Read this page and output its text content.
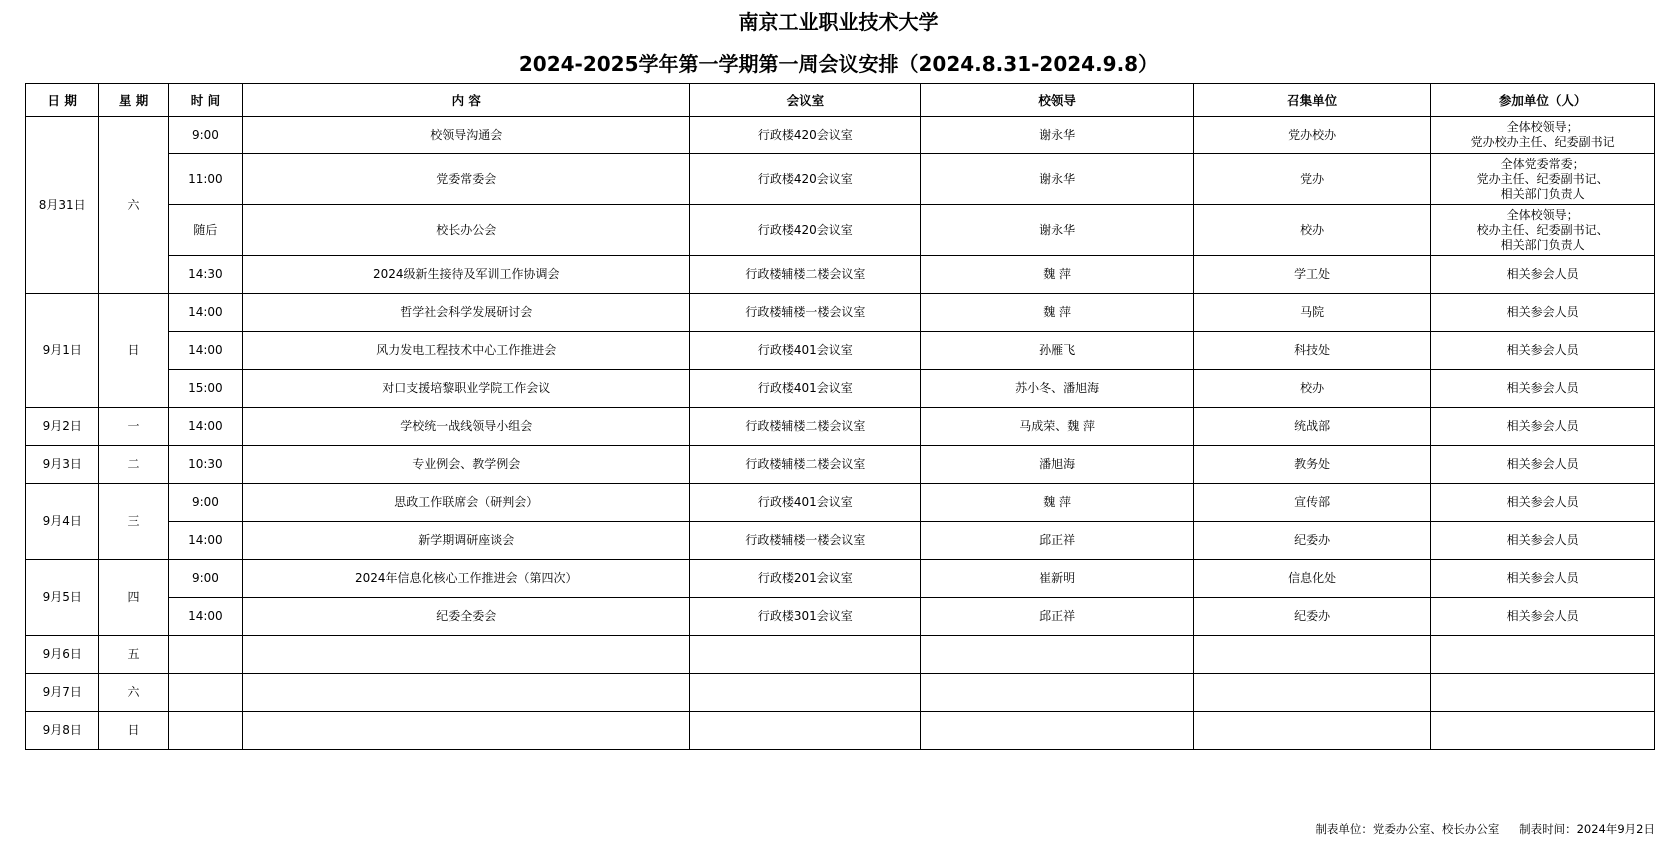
南京工业职业技术大学
2024-2025学年第一学期第一周会议安排（2024.8.31-2024.9.8）
日 期	星 期	时 间	内 容	会议室	校领导	召集单位	参加单位（人）
8月31日	六	9:00	校领导沟通会	行政楼420会议室	谢永华	党办校办	全体校领导；
党办校办主任、纪委副书记
		11:00	党委常委会	行政楼420会议室	谢永华	党办	全体党委常委；
党办主任、纪委副书记、
相关部门负责人
		随后	校长办公会	行政楼420会议室	谢永华	校办	全体校领导；
校办主任、纪委副书记、
相关部门负责人
		14:30	2024级新生接待及军训工作协调会	行政楼辅楼二楼会议室	魏 萍	学工处	相关参会人员
9月1日	日	14:00	哲学社会科学发展研讨会	行政楼辅楼一楼会议室	魏 萍	马院	相关参会人员
		14:00	风力发电工程技术中心工作推进会	行政楼401会议室	孙雁飞	科技处	相关参会人员
		15:00	对口支援培黎职业学院工作会议	行政楼401会议室	苏小冬、潘旭海	校办	相关参会人员
9月2日	一	14:00	学校统一战线领导小组会	行政楼辅楼二楼会议室	马成荣、魏 萍	统战部	相关参会人员
9月3日	二	10:30	专业例会、教学例会	行政楼辅楼二楼会议室	潘旭海	教务处	相关参会人员
9月4日	三	9:00	思政工作联席会（研判会）	行政楼401会议室	魏 萍	宣传部	相关参会人员
		14:00	新学期调研座谈会	行政楼辅楼一楼会议室	邱正祥	纪委办	相关参会人员
9月5日	四	9:00	2024年信息化核心工作推进会（第四次）	行政楼201会议室	崔新明	信息化处	相关参会人员
		14:00	纪委全委会	行政楼301会议室	邱正祥	纪委办	相关参会人员
9月6日	五						
9月7日	六						
9月8日	日						
制表单位：党委办公室、校长办公室 制表时间：2024年9月2日
